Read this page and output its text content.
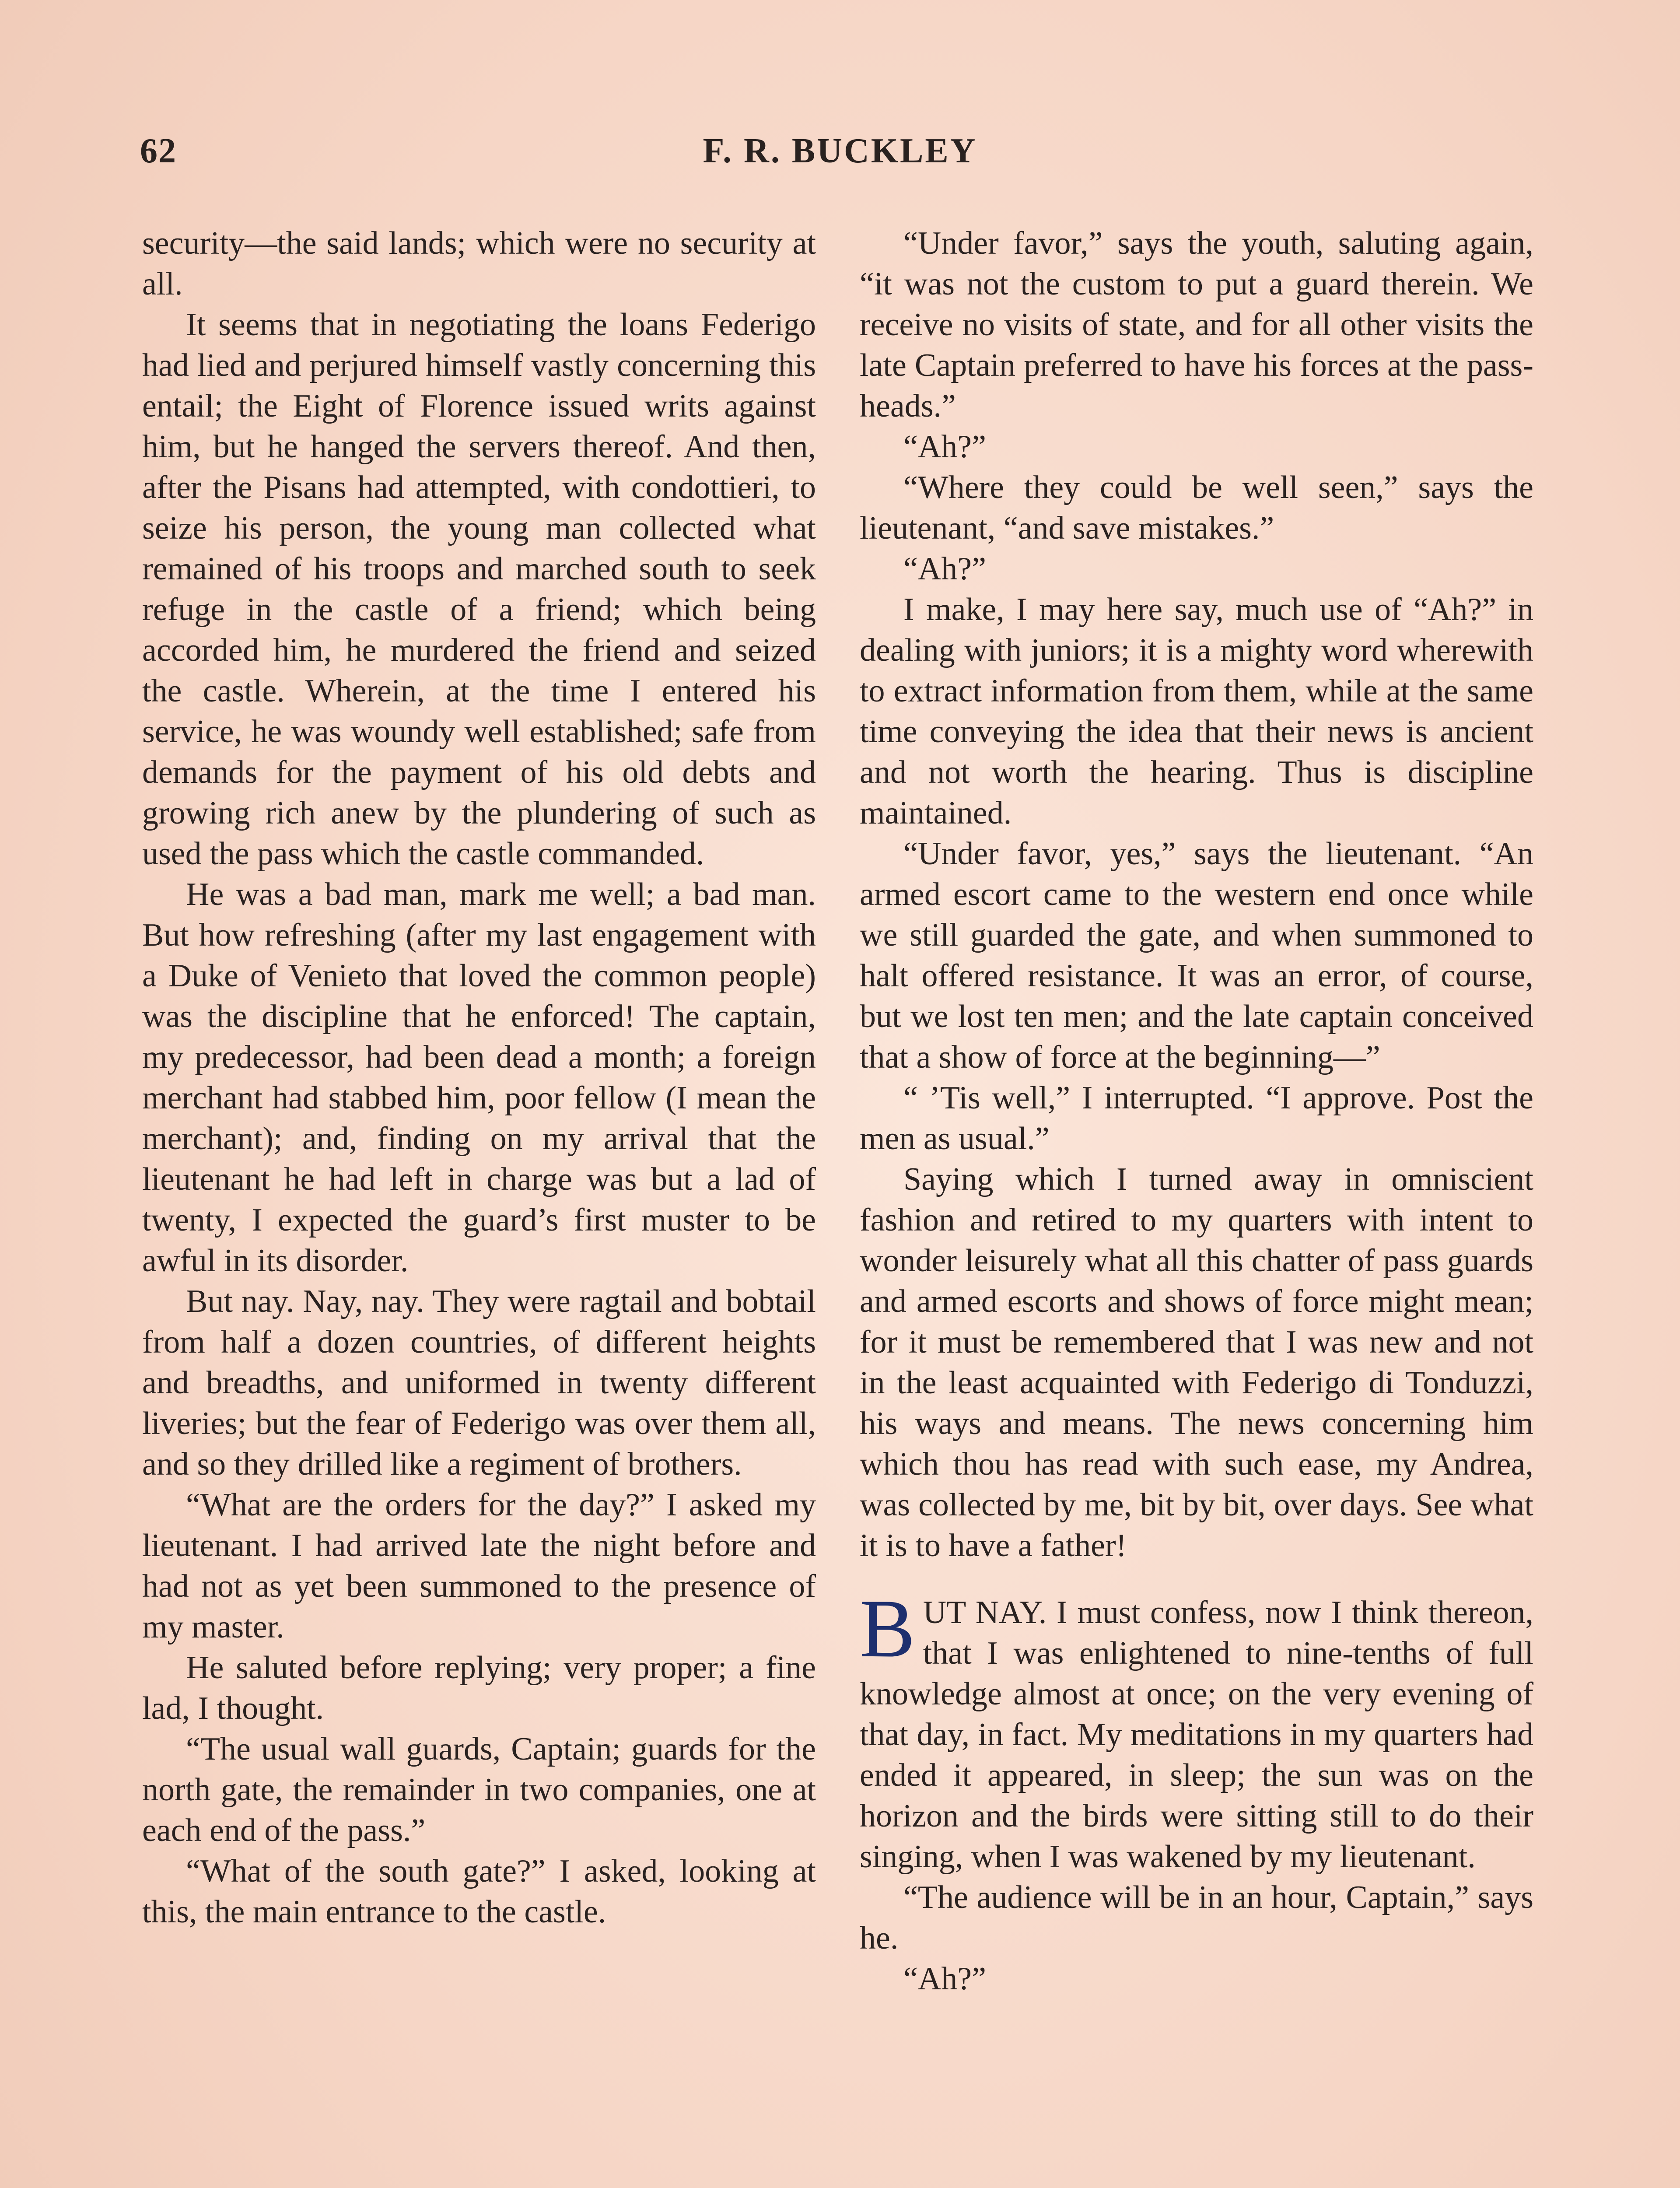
62	F. R. BUCKLEY

security—the said lands; which were no security at all.

It seems that in negotiating the loans Federigo had lied and perjured himself vastly concerning this entail; the Eight of Florence issued writs against him, but he hanged the servers thereof. And then, after the Pisans had attempted, with condottieri, to seize his person, the young man collected what remained of his troops and marched south to seek refuge in the castle of a friend; which being accorded him, he murdered the friend and seized the castle. Wherein, at the time I entered his service, he was woundy well established; safe from demands for the payment of his old debts and growing rich anew by the plundering of such as used the pass which the castle commanded.

He was a bad man, mark me well; a bad man. But how refreshing (after my last engagement with a Duke of Venieto that loved the common people) was the discipline that he enforced! The captain, my predecessor, had been dead a month; a foreign merchant had stabbed him, poor fellow (I mean the merchant); and, finding on my arrival that the lieutenant he had left in charge was but a lad of twenty, I expected the guard’s first muster to be awful in its disorder.

But nay. Nay, nay. They were ragtail and bobtail from half a dozen countries, of different heights and breadths, and uniformed in twenty different liveries; but the fear of Federigo was over them all, and so they drilled like a regiment of brothers.

“What are the orders for the day?” I asked my lieutenant. I had arrived late the night before and had not as yet been summoned to the presence of my master.

He saluted before replying; very proper; a fine lad, I thought.

“The usual wall guards, Captain; guards for the north gate, the remainder in two companies, one at each end of the pass.”

“What of the south gate?” I asked, looking at this, the main entrance to the castle.

“Under favor,” says the youth, saluting again, “it was not the custom to put a guard therein. We receive no visits of state, and for all other visits the late Captain preferred to have his forces at the pass-heads.”

“Ah?”

“Where they could be well seen,” says the lieutenant, “and save mistakes.”

“Ah?”

I make, I may here say, much use of “Ah?” in dealing with juniors; it is a mighty word wherewith to extract information from them, while at the same time conveying the idea that their news is ancient and not worth the hearing. Thus is discipline maintained.

“Under favor, yes,” says the lieutenant. “An armed escort came to the western end once while we still guarded the gate, and when summoned to halt offered resistance. It was an error, of course, but we lost ten men; and the late captain conceived that a show of force at the beginning—”

“ ’Tis well,” I interrupted. “I approve. Post the men as usual.”

Saying which I turned away in omniscient fashion and retired to my quarters with intent to wonder leisurely what all this chatter of pass guards and armed escorts and shows of force might mean; for it must be remembered that I was new and not in the least acquainted with Federigo di Tonduzzi, his ways and means. The news concerning him which thou has read with such ease, my Andrea, was collected by me, bit by bit, over days. See what it is to have a father!

BUT NAY. I must confess, now I think thereon, that I was enlightened to nine-tenths of full knowledge almost at once; on the very evening of that day, in fact. My meditations in my quarters had ended it appeared, in sleep; the sun was on the horizon and the birds were sitting still to do their singing, when I was wakened by my lieutenant.

“The audience will be in an hour, Captain,” says he.

“Ah?”
